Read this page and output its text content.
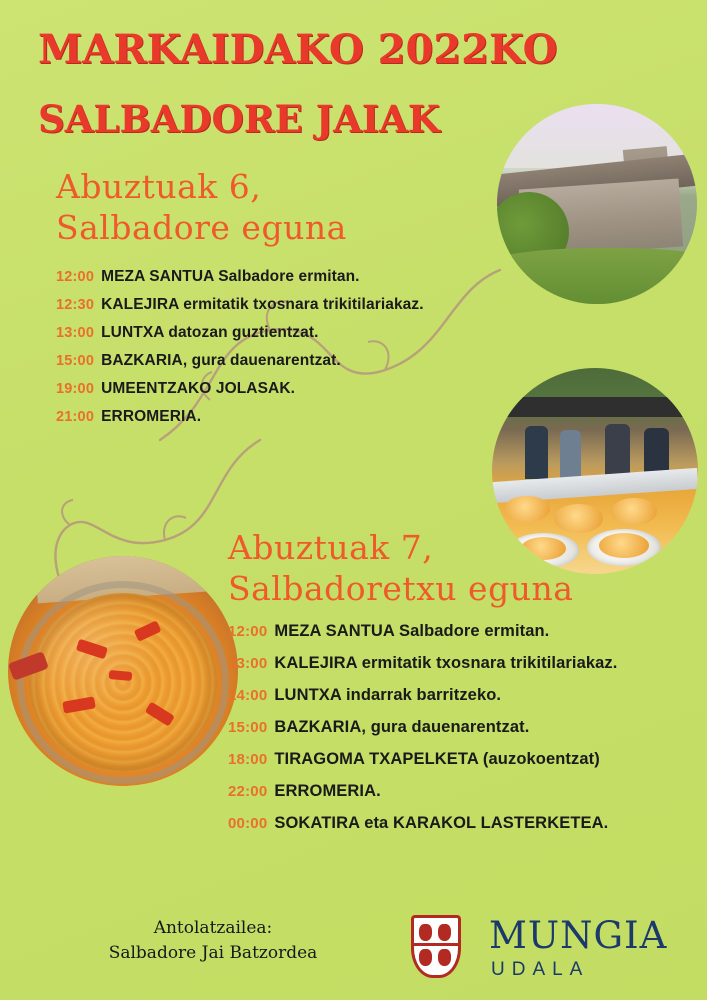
MARKAIDAKO 2022KO
SALBADORE JAIAK
Abuztuak 6,
Salbadore eguna
12:00 MEZA SANTUA Salbadore ermitan.
12:30 KALEJIRA ermitatik txosnara trikitilariakaz.
13:00 LUNTXA datozan guztientzat.
15:00 BAZKARIA, gura dauenarentzat.
19:00 UMEENTZAKO JOLASAK.
21:00 ERROMERIA.
Abuztuak 7,
Salbadoretxu eguna
12:00 MEZA SANTUA Salbadore ermitan.
13:00 KALEJIRA ermitatik txosnara trikitilariakaz.
14:00 LUNTXA indarrak barritzeko.
15:00 BAZKARIA, gura dauenarentzat.
18:00 TIRAGOMA TXAPELKETA (auzokoentzat)
22:00 ERROMERIA.
00:00 SOKATIRA eta KARAKOL LASTERKETEA.
Antolatzailea:
Salbadore Jai Batzordea	MUNGIA
UDALA
